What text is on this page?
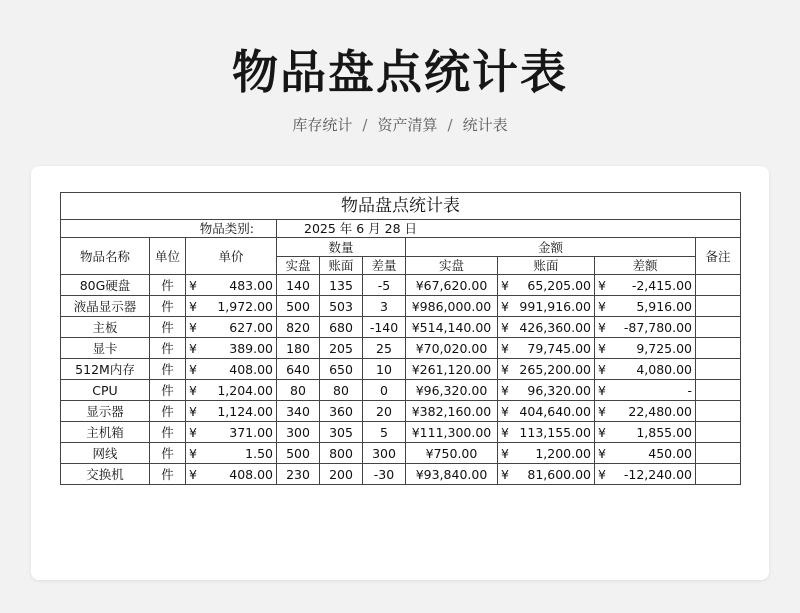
物品盘点统计表
库存统计 / 资产清算 / 统计表
物品盘点统计表									
物品类别:			2025 年 6 月 28 日						
物品名称	单位	单价	数量			金额			备注
			实盘	账面	差量	实盘	账面	差额	
80G硬盘	件	¥ 483.00	140	135	-5	¥67,620.00	¥ 65,205.00	¥ -2,415.00	

液晶显示器	件	¥ 1,972.00	500	503	3	¥986,000.00	¥ 991,916.00	¥ 5,916.00	

主板	件	¥ 627.00	820	680	-140	¥514,140.00	¥ 426,360.00	¥ -87,780.00	

显卡	件	¥ 389.00	180	205	25	¥70,020.00	¥ 79,745.00	¥ 9,725.00	

512M内存	件	¥ 408.00	640	650	10	¥261,120.00	¥ 265,200.00	¥ 4,080.00	

CPU	件	¥ 1,204.00	80	80	0	¥96,320.00	¥ 96,320.00	¥ -	

显示器	件	¥ 1,124.00	340	360	20	¥382,160.00	¥ 404,640.00	¥ 22,480.00	

主机箱	件	¥ 371.00	300	305	5	¥111,300.00	¥ 113,155.00	¥ 1,855.00	

网线	件	¥ 1.50	500	800	300	¥750.00	¥ 1,200.00	¥ 450.00	

交换机	件	¥ 408.00	230	200	-30	¥93,840.00	¥ 81,600.00	¥ -12,240.00	
